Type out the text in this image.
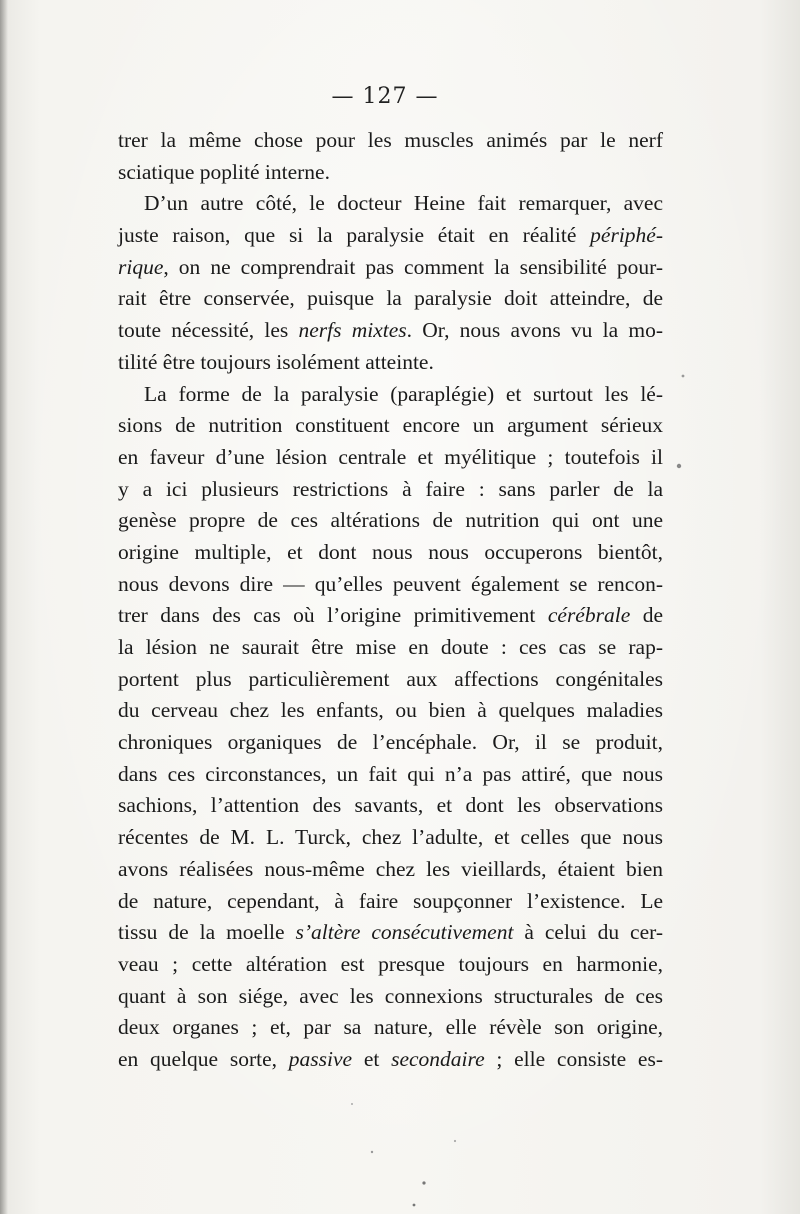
— 127 —
trer la même chose pour les muscles animés par le nerf
sciatique poplité interne.
D’un autre côté, le docteur Heine fait remarquer, avec
juste raison, que si la paralysie était en réalité périphé-
rique, on ne comprendrait pas comment la sensibilité pour-
rait être conservée, puisque la paralysie doit atteindre, de
toute nécessité, les nerfs mixtes. Or, nous avons vu la mo-
tilité être toujours isolément atteinte.
La forme de la paralysie (paraplégie) et surtout les lé-
sions de nutrition constituent encore un argument sérieux
en faveur d’une lésion centrale et myélitique ; toutefois il
y a ici plusieurs restrictions à faire : sans parler de la
genèse propre de ces altérations de nutrition qui ont une
origine multiple, et dont nous nous occuperons bientôt,
nous devons dire — qu’elles peuvent également se rencon-
trer dans des cas où l’origine primitivement cérébrale de
la lésion ne saurait être mise en doute : ces cas se rap-
portent plus particulièrement aux affections congénitales
du cerveau chez les enfants, ou bien à quelques maladies
chroniques organiques de l’encéphale. Or, il se produit,
dans ces circonstances, un fait qui n’a pas attiré, que nous
sachions, l’attention des savants, et dont les observations
récentes de M. L. Turck, chez l’adulte, et celles que nous
avons réalisées nous-même chez les vieillards, étaient bien
de nature, cependant, à faire soupçonner l’existence. Le
tissu de la moelle s’altère consécutivement à celui du cer-
veau ; cette altération est presque toujours en harmonie,
quant à son siége, avec les connexions structurales de ces
deux organes ; et, par sa nature, elle révèle son origine,
en quelque sorte, passive et secondaire ; elle consiste es-
